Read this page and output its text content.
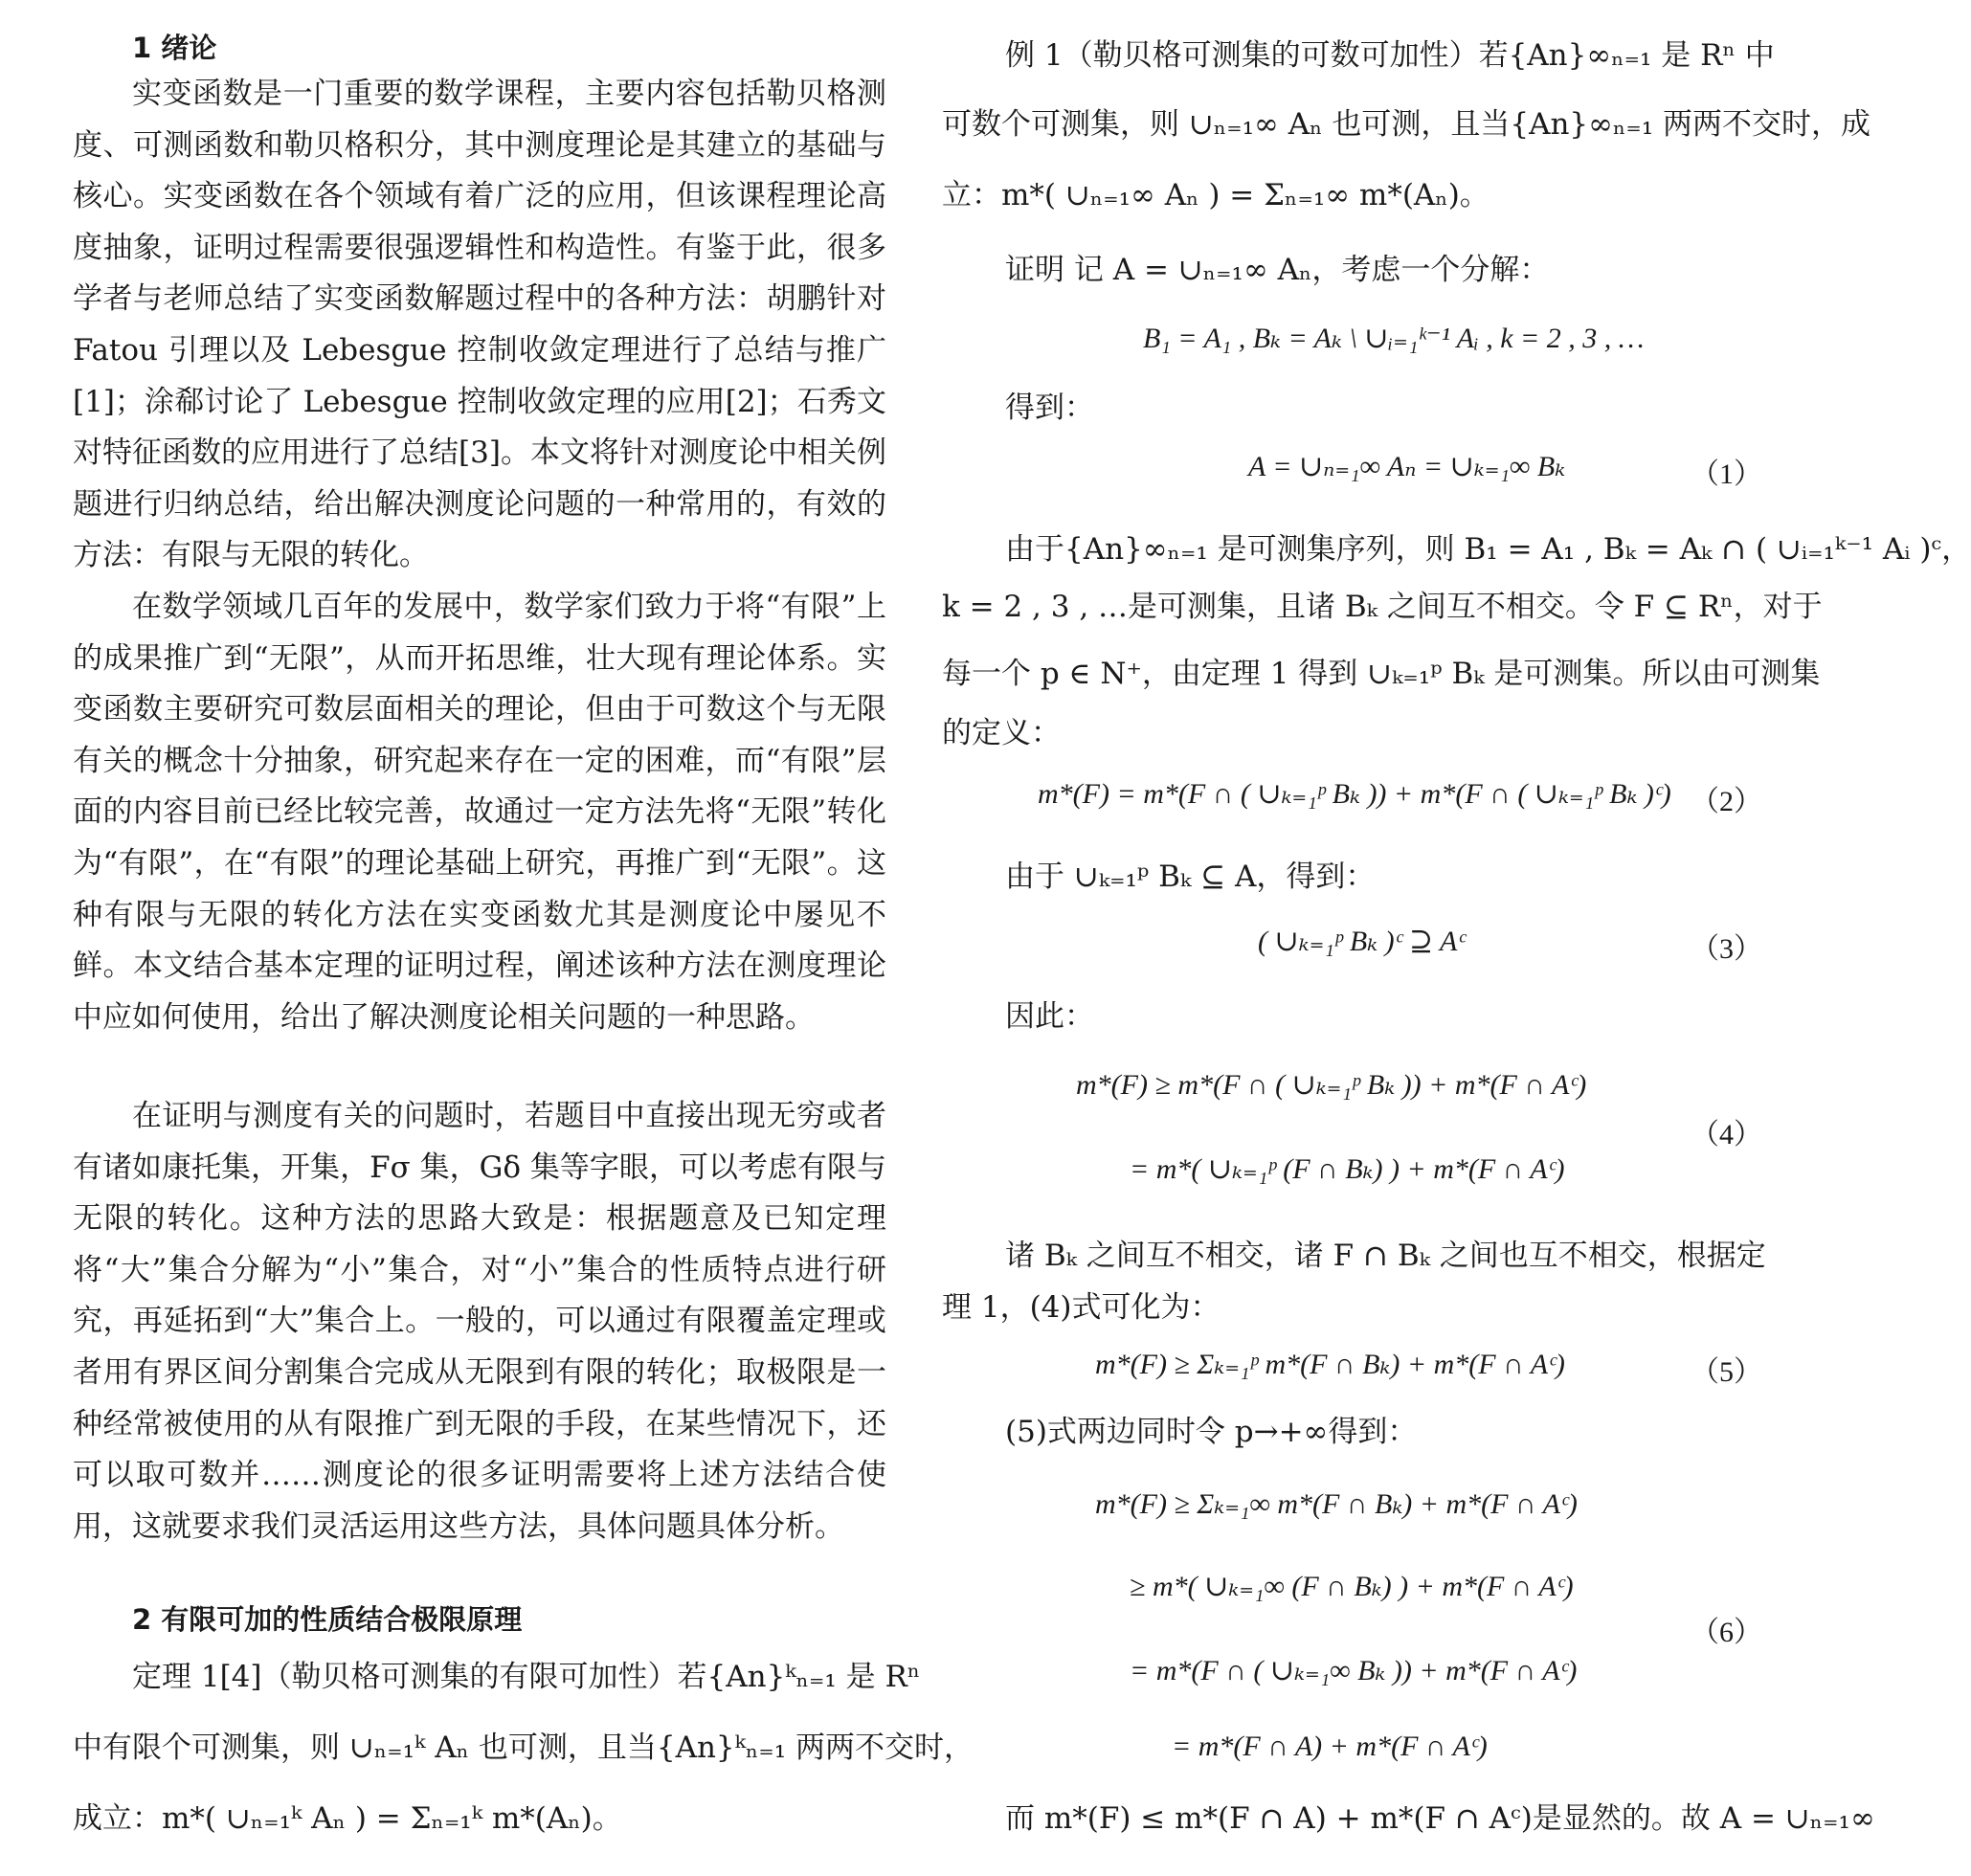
1 绪论

实变函数是一门重要的数学课程，主要内容包括勒贝格测度、可测函数和勒贝格积分，其中测度理论是其建立的基础与核心。实变函数在各个领域有着广泛的应用，但该课程理论高度抽象，证明过程需要很强逻辑性和构造性。有鉴于此，很多学者与老师总结了实变函数解题过程中的各种方法：胡鹏针对 Fatou 引理以及 Lebesgue 控制收敛定理进行了总结与推广[1]；涂郗讨论了 Lebesgue 控制收敛定理的应用[2]；石秀文对特征函数的应用进行了总结[3]。本文将针对测度论中相关例题进行归纳总结，给出解决测度论问题的一种常用的，有效的方法：有限与无限的转化。

在数学领域几百年的发展中，数学家们致力于将“有限”上的成果推广到“无限”，从而开拓思维，壮大现有理论体系。实变函数主要研究可数层面相关的理论，但由于可数这个与无限有关的概念十分抽象，研究起来存在一定的困难，而“有限”层面的内容目前已经比较完善，故通过一定方法先将“无限”转化为“有限”，在“有限”的理论基础上研究，再推广到“无限”。这种有限与无限的转化方法在实变函数尤其是测度论中屡见不鲜。本文结合基本定理的证明过程，阐述该种方法在测度理论中应如何使用，给出了解决测度论相关问题的一种思路。

在证明与测度有关的问题时，若题目中直接出现无穷或者有诸如康托集，开集，Fσ 集，Gδ 集等字眼，可以考虑有限与无限的转化。这种方法的思路大致是：根据题意及已知定理将“大”集合分解为“小”集合，对“小”集合的性质特点进行研究，再延拓到“大”集合上。一般的，可以通过有限覆盖定理或者用有界区间分割集合完成从无限到有限的转化；取极限是一种经常被使用的从有限推广到无限的手段，在某些情况下，还可以取可数并……测度论的很多证明需要将上述方法结合使用，这就要求我们灵活运用这些方法，具体问题具体分析。

2 有限可加的性质结合极限原理
定理 1[4]（勒贝格可测集的有限可加性）若{An}ᵏₙ₌₁ 是 Rⁿ
中有限个可测集，则 ∪ₙ₌₁ᵏ Aₙ 也可测，且当{An}ᵏₙ₌₁ 两两不交时，
成立：m*( ∪ₙ₌₁ᵏ Aₙ ) = Σₙ₌₁ᵏ m*(Aₙ)。
例 1（勒贝格可测集的可数可加性）若{An}∞ₙ₌₁ 是 Rⁿ 中
可数个可测集，则 ∪ₙ₌₁∞ Aₙ 也可测，且当{An}∞ₙ₌₁ 两两不交时，成
立：m*( ∪ₙ₌₁∞ Aₙ ) = Σₙ₌₁∞ m*(Aₙ)。
证明 记 A = ∪ₙ₌₁∞ Aₙ，考虑一个分解：
B₁ = A₁ , Bₖ = Aₖ \ ∪ᵢ₌₁ᵏ⁻¹ Aᵢ , k = 2 , 3 , …
得到：
A = ∪ₙ₌₁∞ Aₙ = ∪ₖ₌₁∞ Bₖ	（1）
由于{An}∞ₙ₌₁ 是可测集序列，则 B₁ = A₁ , Bₖ = Aₖ ∩ ( ∪ᵢ₌₁ᵏ⁻¹ Aᵢ )ᶜ，
k = 2 , 3 , …是可测集，且诸 Bₖ 之间互不相交。令 F ⊆ Rⁿ，对于
每一个 p ∈ N⁺，由定理 1 得到 ∪ₖ₌₁ᵖ Bₖ 是可测集。所以由可测集
的定义：
m*(F) = m*(F ∩ ( ∪ₖ₌₁ᵖ Bₖ )) + m*(F ∩ ( ∪ₖ₌₁ᵖ Bₖ )ᶜ) （2）
由于 ∪ₖ₌₁ᵖ Bₖ ⊆ A，得到：
( ∪ₖ₌₁ᵖ Bₖ )ᶜ ⊇ Aᶜ	（3）
因此：
m*(F) ≥ m*(F ∩ ( ∪ₖ₌₁ᵖ Bₖ )) + m*(F ∩ Aᶜ)
= m*( ∪ₖ₌₁ᵖ (F ∩ Bₖ) ) + m*(F ∩ Aᶜ)
（4）
诸 Bₖ 之间互不相交，诸 F ∩ Bₖ 之间也互不相交，根据定
理 1，(4)式可化为：
m*(F) ≥ Σₖ₌₁ᵖ m*(F ∩ Bₖ) + m*(F ∩ Aᶜ)	（5）
(5)式两边同时令 p→+∞得到：
m*(F) ≥ Σₖ₌₁∞ m*(F ∩ Bₖ) + m*(F ∩ Aᶜ)
≥ m*( ∪ₖ₌₁∞ (F ∩ Bₖ) ) + m*(F ∩ Aᶜ)
= m*(F ∩ ( ∪ₖ₌₁∞ Bₖ )) + m*(F ∩ Aᶜ)
= m*(F ∩ A) + m*(F ∩ Aᶜ)
（6）
而 m*(F) ≤ m*(F ∩ A) + m*(F ∩ Aᶜ)是显然的。故 A = ∪ₙ₌₁∞
